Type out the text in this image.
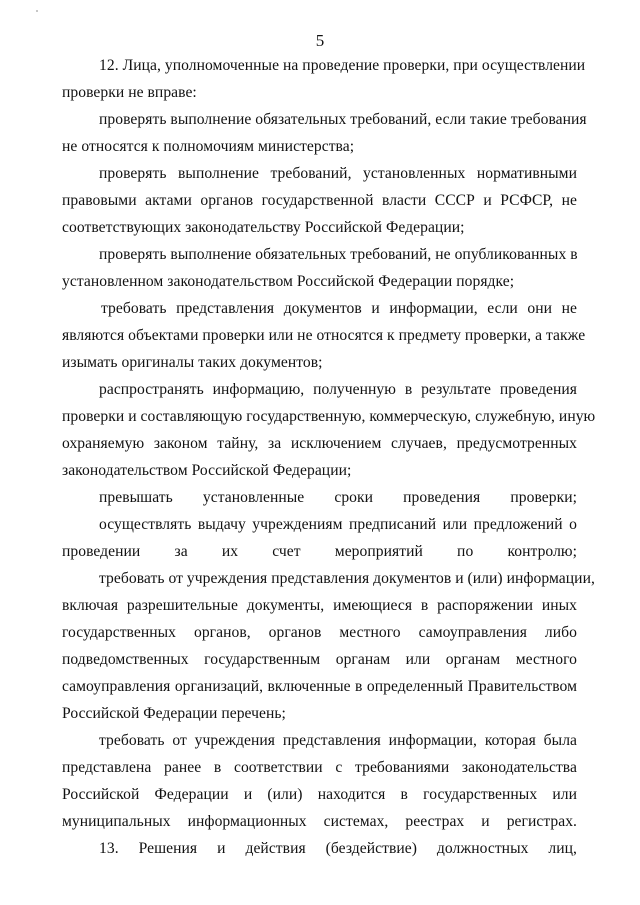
5
12. Лица, уполномоченные на проведение проверки, при осуществлении
проверки не вправе:
проверять выполнение обязательных требований, если такие требования
не относятся к полномочиям министерства;
проверять выполнение требований, установленных нормативными
правовыми актами органов государственной власти СССР и РСФСР, не
соответствующих законодательству Российской Федерации;
проверять выполнение обязательных требований, не опубликованных в
установленном законодательством Российской Федерации порядке;
требовать представления документов и информации, если они не
являются объектами проверки или не относятся к предмету проверки, а также
изымать оригиналы таких документов;
распространять информацию, полученную в результате проведения
проверки и составляющую государственную, коммерческую, служебную, иную
охраняемую законом тайну, за исключением случаев, предусмотренных
законодательством Российской Федерации;
превышать установленные сроки проведения проверки;
осуществлять выдачу учреждениям предписаний или предложений о
проведении за их счет мероприятий по контролю;
требовать от учреждения представления документов и (или) информации,
включая разрешительные документы, имеющиеся в распоряжении иных
государственных органов, органов местного самоуправления либо
подведомственных государственным органам или органам местного
самоуправления организаций, включенные в определенный Правительством
Российской Федерации перечень;
требовать от учреждения представления информации, которая была
представлена ранее в соответствии с требованиями законодательства
Российской Федерации и (или) находится в государственных или
муниципальных информационных системах, реестрах и регистрах.
13. Решения и действия (бездействие) должностных лиц,
